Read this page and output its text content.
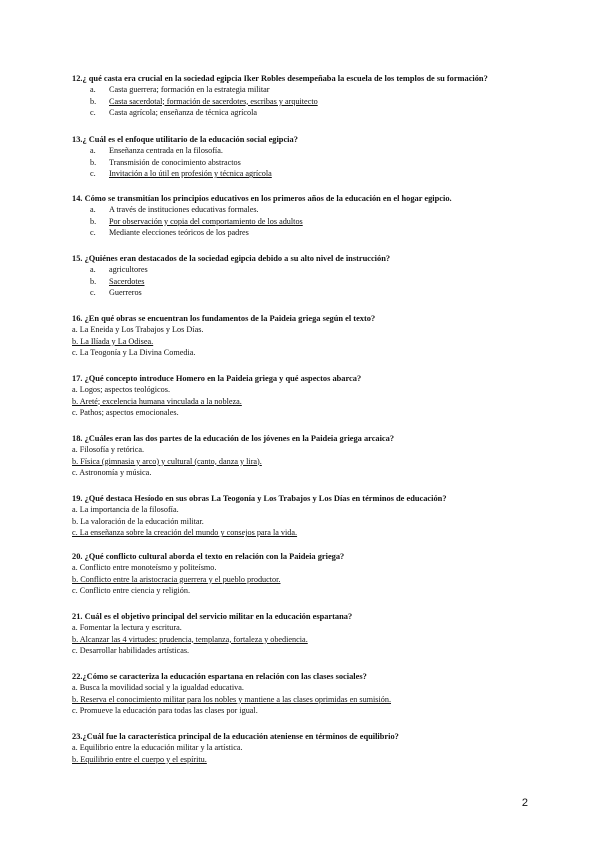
12.¿ qué casta era crucial en la sociedad egipcia Iker Robles desempeñaba la escuela de los templos de su formación?
a. Casta guerrera; formación en la estrategia militar
b. Casta sacerdotal; formación de sacerdotes, escribas y arquitecto
c. Casta agrícola; enseñanza de técnica agrícola
13.¿ Cuál es el enfoque utilitario de la educación social egipcia?
a. Enseñanza centrada en la filosofía.
b. Transmisión de conocimiento abstractos
c. Invitación a lo útil en profesión y técnica agrícola
14. Cómo se transmitían los principios educativos en los primeros años de la educación en el hogar egipcio.
a. A través de instituciones educativas formales.
b. Por observación y copia del comportamiento de los adultos
c. Mediante elecciones teóricos de los padres
15. ¿Quiénes eran destacados de la sociedad egipcia debido a su alto nivel de instrucción?
a. agricultores
b. Sacerdotes
c. Guerreros
16. ¿En qué obras se encuentran los fundamentos de la Paideia griega según el texto?
a. La Eneida y Los Trabajos y Los Días.
b. La Ilíada y La Odisea.
c. La Teogonía y La Divina Comedia.
17. ¿Qué concepto introduce Homero en la Paideia griega y qué aspectos abarca?
a. Logos; aspectos teológicos.
b. Areté; excelencia humana vinculada a la nobleza.
c. Pathos; aspectos emocionales.
18. ¿Cuáles eran las dos partes de la educación de los jóvenes en la Paideia griega arcaica?
a. Filosofía y retórica.
b. Física (gimnasia y arco) y cultural (canto, danza y lira).
c. Astronomía y música.
19. ¿Qué destaca Hesíodo en sus obras La Teogonía y Los Trabajos y Los Días en términos de educación?
a. La importancia de la filosofía.
b. La valoración de la educación militar.
c. La enseñanza sobre la creación del mundo y consejos para la vida.
20. ¿Qué conflicto cultural aborda el texto en relación con la Paideia griega?
a. Conflicto entre monoteísmo y politeísmo.
b. Conflicto entre la aristocracia guerrera y el pueblo productor.
c. Conflicto entre ciencia y religión.
21. Cuál es el objetivo principal del servicio militar en la educación espartana?
a. Fomentar la lectura y escritura.
b. Alcanzar las 4 virtudes: prudencia, templanza, fortaleza y obediencia.
c. Desarrollar habilidades artísticas.
22.¿Cómo se caracteriza la educación espartana en relación con las clases sociales?
a. Busca la movilidad social y la igualdad educativa.
b. Reserva el conocimiento militar para los nobles y mantiene a las clases oprimidas en sumisión.
c. Promueve la educación para todas las clases por igual.
23.¿Cuál fue la característica principal de la educación ateniense en términos de equilibrio?
a. Equilibrio entre la educación militar y la artística.
b. Equilibrio entre el cuerpo y el espíritu.
2
